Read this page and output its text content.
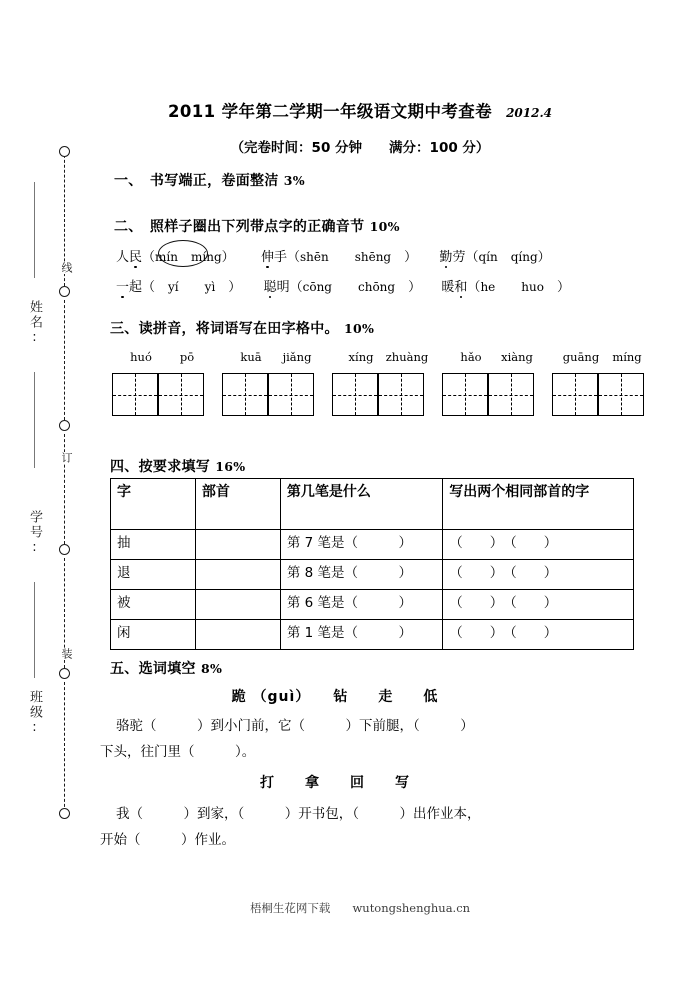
线
订
装
姓名:
学号:
班级:
2011 学年第二学期一年级语文期中考查卷 2012.4
（完卷时间：50 分钟　　满分：100 分）
一、　书写端正，卷面整洁 3%
二、　照样子圈出下列带点字的正确音节 10%
人民（mín　 míng） 伸手（shēn　　 shēng　） 勤劳（qín　 qíng）
一起（　yí　　 yì　） 聪明（cōng　　 chōng　） 暖和（he　　 huo　）
三、读拼音，将词语写在田字格中。 10%
huó pō	kuā jiǎng	xíng zhuàng	hǎo xiàng	guāng míng
四、按要求填写 16%
字	部首	第几笔是什么	写出两个相同部首的字
抽		第 7 笔是（　　　）	（　　）　（　　）
退		第 8 笔是（　　　）	（　　）　（　　）
被		第 6 笔是（　　　）	（　　）　（　　）
闲		第 1 笔是（　　　）	（　　）　（　　）
五、选词填空 8%
跪 （guì）　　钻　　走　　低
骆驼（　　　）到小门前，它（　　　）下前腿，（　　　）
下头，往门里（　　　）。
打　　拿　　回　　写
我（　　　）到家，（　　　）开书包，（　　　）出作业本，
开始（　　　）作业。
梧桐生花网下载 wutongshenghua.cn
